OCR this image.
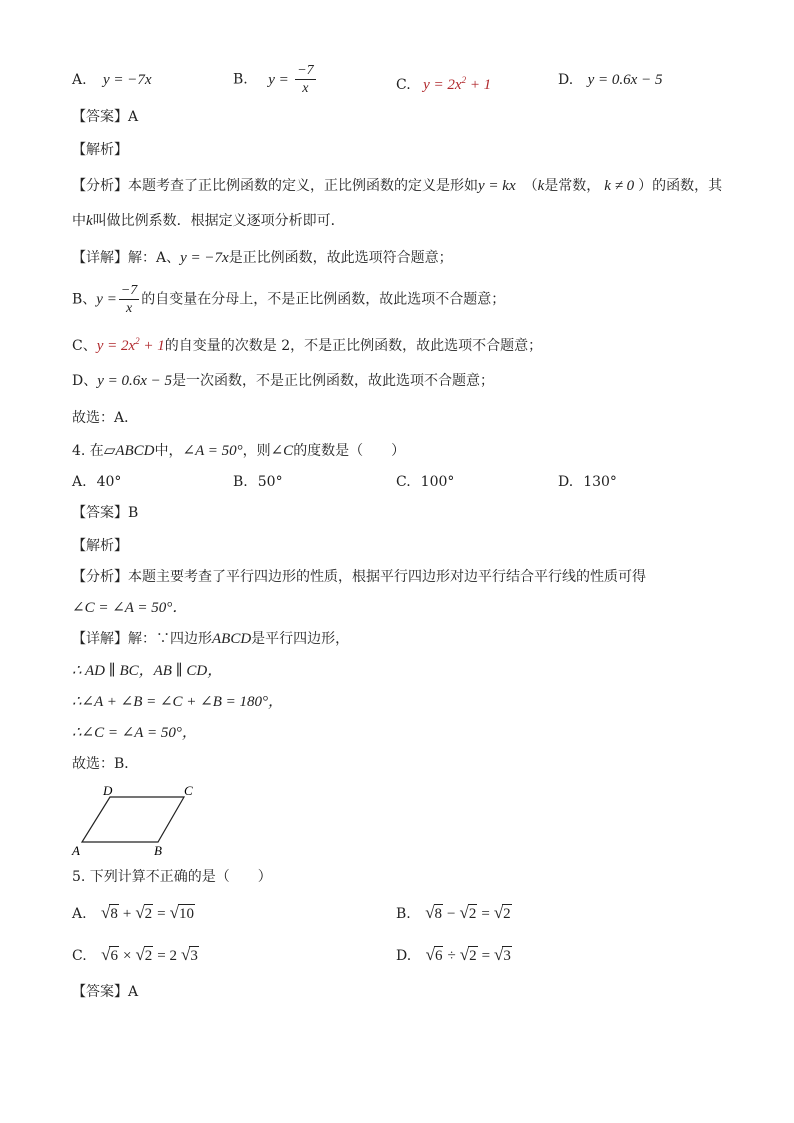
A. y = −7x	B. $y = \frac{-7}{x}$	C. $y = 2x^2 + 1$	D. y = 0.6x − 5
【答案】A
【解析】
【分析】本题考查了正比例函数的定义，正比例函数的定义是形如y = kx （k是常数， k ≠ 0 ）的函数，其
中k叫做比例系数．根据定义逐项分析即可．
【详解】解：A、y = −7x是正比例函数，故此选项符合题意；
B、$y = \frac{-7}{x}$ 的自变量在分母上，不是正比例函数，故此选项不合题意；
C、$y = 2x^2 + 1$的自变量的次数是 2，不是正比例函数，故此选项不合题意；
D、y = 0.6x − 5是一次函数，不是正比例函数，故此选项不合题意；
故选：A．
4. 在▱ABCD中，∠A = 50°，则∠C的度数是（　　）
A. 40°	B. 50°	C. 100°	D. 130°
【答案】B
【解析】
【分析】本题主要考查了平行四边形的性质，根据平行四边形对边平行结合平行线的性质可得
∠C = ∠A = 50°．
【详解】解：∵四边形ABCD是平行四边形，
∴ AD ∥ BC，AB ∥ CD，
∴∠A + ∠B = ∠C + ∠B = 180°，
∴∠C = ∠A = 50°，
故选：B．
D	C
A	B
5. 下列计算不正确的是（　　）
A. √ 8 + √ 2 = √ 10	B. √ 8 − √ 2 = √ 2
C. √ 6 × √ 2 = 2 √ 3	D. √ 6 ÷ √ 2 = √ 3
【答案】A
